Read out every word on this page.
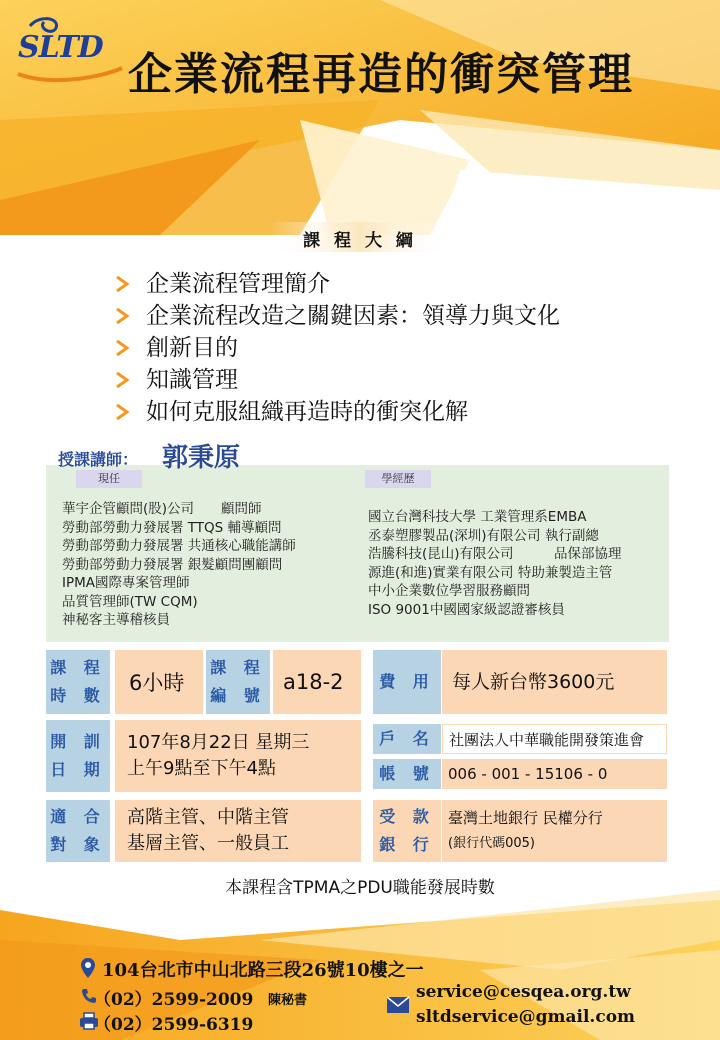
SLTD
企業流程再造的衝突管理
課 程 大 綱
企業流程管理簡介
企業流程改造之關鍵因素：領導力與文化
創新目的
知識管理
如何克服組織再造時的衝突化解
授課講師： 郭秉原
現任	學經歷
華宇企管顧問(股)公司　　顧問師
勞動部勞動力發展署 TTQS 輔導顧問
勞動部勞動力發展署 共通核心職能講師
勞動部勞動力發展署 銀髮顧問團顧問
IPMA國際專案管理師
品質管理師(TW CQM)
神秘客主導稽核員
國立台灣科技大學 工業管理系EMBA
丞泰塑膠製品(深圳)有限公司 執行副總
浩騰科技(昆山)有限公司　　　品保部協理
源進(和進)實業有限公司 特助兼製造主管
中小企業數位學習服務顧問
ISO 9001中國國家級認證審核員
課 程
時 數
6小時
課 程
編 號
a18-2	費 用 每人新台幣3600元
開 訓
日 期
107年8月22日 星期三
上午9點至下午4點
戶 名 社團法人中華職能開發策進會
帳 號 006 - 001 - 15106 - 0
適 合
對 象
高階主管、中階主管
基層主管、一般員工
受 款
銀 行
臺灣土地銀行 民權分行
(銀行代碼005)
本課程含TPMA之PDU職能發展時數
104台北市中山北路三段26號10樓之一
（02）2599-2009 陳秘書
（02）2599-6319
service@cesqea.org.tw
sltdservice@gmail.com
